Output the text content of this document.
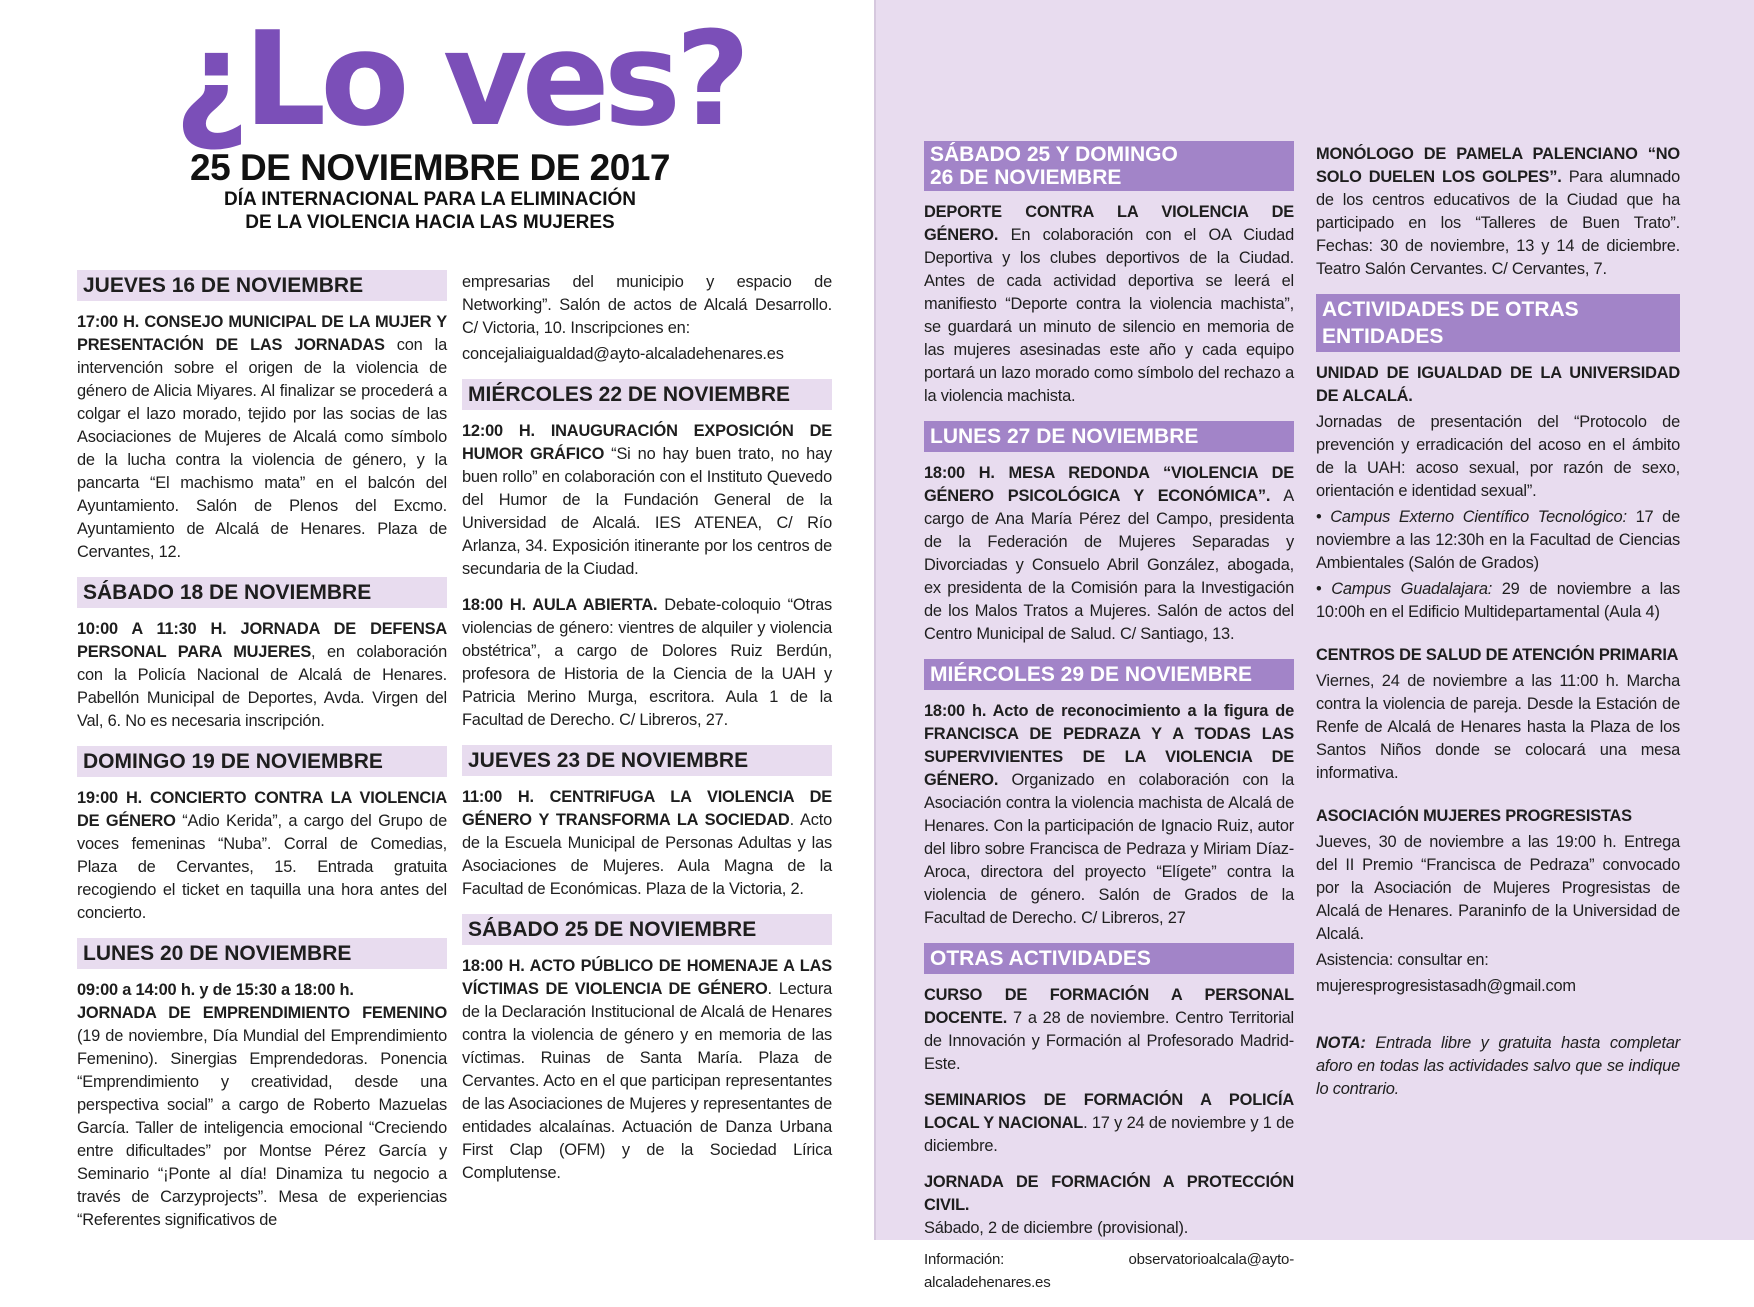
¿Lo ves?
25 DE NOVIEMBRE DE 2017
DÍA INTERNACIONAL PARA LA ELIMINACIÓN
DE LA VIOLENCIA HACIA LAS MUJERES
JUEVES 16 DE NOVIEMBRE

17:00 H. CONSEJO MUNICIPAL DE LA MUJER Y PRESENTACIÓN DE LAS JORNADAS con la intervención sobre el origen de la violencia de género de Alicia Miyares. Al finalizar se procederá a colgar el lazo morado, tejido por las socias de las Asociaciones de Mujeres de Alcalá como símbolo de la lucha contra la violencia de género, y la pancarta “El machismo mata” en el balcón del Ayuntamiento. Salón de Plenos del Excmo. Ayuntamiento de Alcalá de Henares. Plaza de Cervantes, 12.

SÁBADO 18 DE NOVIEMBRE

10:00 A 11:30 H. JORNADA DE DEFENSA PERSONAL PARA MUJERES, en colaboración con la Policía Nacional de Alcalá de Henares. Pabellón Municipal de Deportes, Avda. Virgen del Val, 6. No es necesaria inscripción.

DOMINGO 19 DE NOVIEMBRE

19:00 H. CONCIERTO CONTRA LA VIOLENCIA DE GÉNERO “Adio Kerida”, a cargo del Grupo de voces femeninas “Nuba”. Corral de Comedias, Plaza de Cervantes, 15. Entrada gratuita recogiendo el ticket en taquilla una hora antes del concierto.

LUNES 20 DE NOVIEMBRE

09:00 a 14:00 h. y de 15:30 a 18:00 h.
JORNADA DE EMPRENDIMIENTO FEMENINO (19 de noviembre, Día Mundial del Emprendimiento Femenino). Sinergias Emprendedoras. Ponencia “Emprendimiento y creatividad, desde una perspectiva social” a cargo de Roberto Mazuelas García. Taller de inteligencia emocional “Creciendo entre dificultades” por Montse Pérez García y Seminario “¡Ponte al día! Dinamiza tu negocio a través de Carzyprojects”. Mesa de experiencias “Referentes significativos de

empresarias del municipio y espacio de Networking”. Salón de actos de Alcalá Desarrollo. C/ Victoria, 10. Inscripciones en:

concejaliaigualdad@ayto-alcaladehenares.es

MIÉRCOLES 22 DE NOVIEMBRE

12:00 H. INAUGURACIÓN EXPOSICIÓN DE HUMOR GRÁFICO “Si no hay buen trato, no hay buen rollo” en colaboración con el Instituto Quevedo del Humor de la Fundación General de la Universidad de Alcalá. IES ATENEA, C/ Río Arlanza, 34. Exposición itinerante por los centros de secundaria de la Ciudad.

18:00 H. AULA ABIERTA. Debate-coloquio “Otras violencias de género: vientres de alquiler y violencia obstétrica”, a cargo de Dolores Ruiz Berdún, profesora de Historia de la Ciencia de la UAH y Patricia Merino Murga, escritora. Aula 1 de la Facultad de Derecho. C/ Libreros, 27.

JUEVES 23 DE NOVIEMBRE

11:00 H. CENTRIFUGA LA VIOLENCIA DE GÉNERO Y TRANSFORMA LA SOCIEDAD. Acto de la Escuela Municipal de Personas Adultas y las Asociaciones de Mujeres. Aula Magna de la Facultad de Económicas. Plaza de la Victoria, 2.

SÁBADO 25 DE NOVIEMBRE

18:00 H. ACTO PÚBLICO DE HOMENAJE A LAS VÍCTIMAS DE VIOLENCIA DE GÉNERO. Lectura de la Declaración Institucional de Alcalá de Henares contra la violencia de género y en memoria de las víctimas. Ruinas de Santa María. Plaza de Cervantes. Acto en el que participan representantes de las Asociaciones de Mujeres y representantes de entidades alcalaínas. Actuación de Danza Urbana First Clap (OFM) y de la Sociedad Lírica Complutense.

SÁBADO 25 Y DOMINGO
26 DE NOVIEMBRE

DEPORTE CONTRA LA VIOLENCIA DE GÉNERO. En colaboración con el OA Ciudad Deportiva y los clubes deportivos de la Ciudad. Antes de cada actividad deportiva se leerá el manifiesto “Deporte contra la violencia machista”, se guardará un minuto de silencio en memoria de las mujeres asesinadas este año y cada equipo portará un lazo morado como símbolo del rechazo a la violencia machista.

LUNES 27 DE NOVIEMBRE

18:00 H. MESA REDONDA “VIOLENCIA DE GÉNERO PSICOLÓGICA Y ECONÓMICA”. A cargo de Ana María Pérez del Campo, presidenta de la Federación de Mujeres Separadas y Divorciadas y Consuelo Abril González, abogada, ex presidenta de la Comisión para la Investigación de los Malos Tratos a Mujeres. Salón de actos del Centro Municipal de Salud. C/ Santiago, 13.

MIÉRCOLES 29 DE NOVIEMBRE

18:00 h. Acto de reconocimiento a la figura de FRANCISCA DE PEDRAZA Y A TODAS LAS SUPERVIVIENTES DE LA VIOLENCIA DE GÉNERO. Organizado en colaboración con la Asociación contra la violencia machista de Alcalá de Henares. Con la participación de Ignacio Ruiz, autor del libro sobre Francisca de Pedraza y Miriam Díaz-Aroca, directora del proyecto “Elígete” contra la violencia de género. Salón de Grados de la Facultad de Derecho. C/ Libreros, 27

OTRAS ACTIVIDADES

CURSO DE FORMACIÓN A PERSONAL DOCENTE. 7 a 28 de noviembre. Centro Territorial de Innovación y Formación al Profesorado Madrid-Este.

SEMINARIOS DE FORMACIÓN A POLICÍA LOCAL Y NACIONAL. 17 y 24 de noviembre y 1 de diciembre.

JORNADA DE FORMACIÓN A PROTECCIÓN CIVIL.
Sábado, 2 de diciembre (provisional).

Información: observatorioalcala@ayto-alcaladehenares.es

MONÓLOGO DE PAMELA PALENCIANO “NO SOLO DUELEN LOS GOLPES”. Para alumnado de los centros educativos de la Ciudad que ha participado en los “Talleres de Buen Trato”. Fechas: 30 de noviembre, 13 y 14 de diciembre. Teatro Salón Cervantes. C/ Cervantes, 7.

ACTIVIDADES DE OTRAS ENTIDADES

UNIDAD DE IGUALDAD DE LA UNIVERSIDAD DE ALCALÁ.

Jornadas de presentación del “Protocolo de prevención y erradicación del acoso en el ámbito de la UAH: acoso sexual, por razón de sexo, orientación e identidad sexual”.

• Campus Externo Científico Tecnológico: 17 de noviembre a las 12:30h en la Facultad de Ciencias Ambientales (Salón de Grados)

• Campus Guadalajara: 29 de noviembre a las 10:00h en el Edificio Multidepartamental (Aula 4)

CENTROS DE SALUD DE ATENCIÓN PRIMARIA

Viernes, 24 de noviembre a las 11:00 h. Marcha contra la violencia de pareja. Desde la Estación de Renfe de Alcalá de Henares hasta la Plaza de los Santos Niños donde se colocará una mesa informativa.

ASOCIACIÓN MUJERES PROGRESISTAS

Jueves, 30 de noviembre a las 19:00 h. Entrega del II Premio “Francisca de Pedraza” convocado por la Asociación de Mujeres Progresistas de Alcalá de Henares. Paraninfo de la Universidad de Alcalá.

Asistencia: consultar en:

mujeresprogresistasadh@gmail.com

NOTA: Entrada libre y gratuita hasta completar aforo en todas las actividades salvo que se indique lo contrario.
